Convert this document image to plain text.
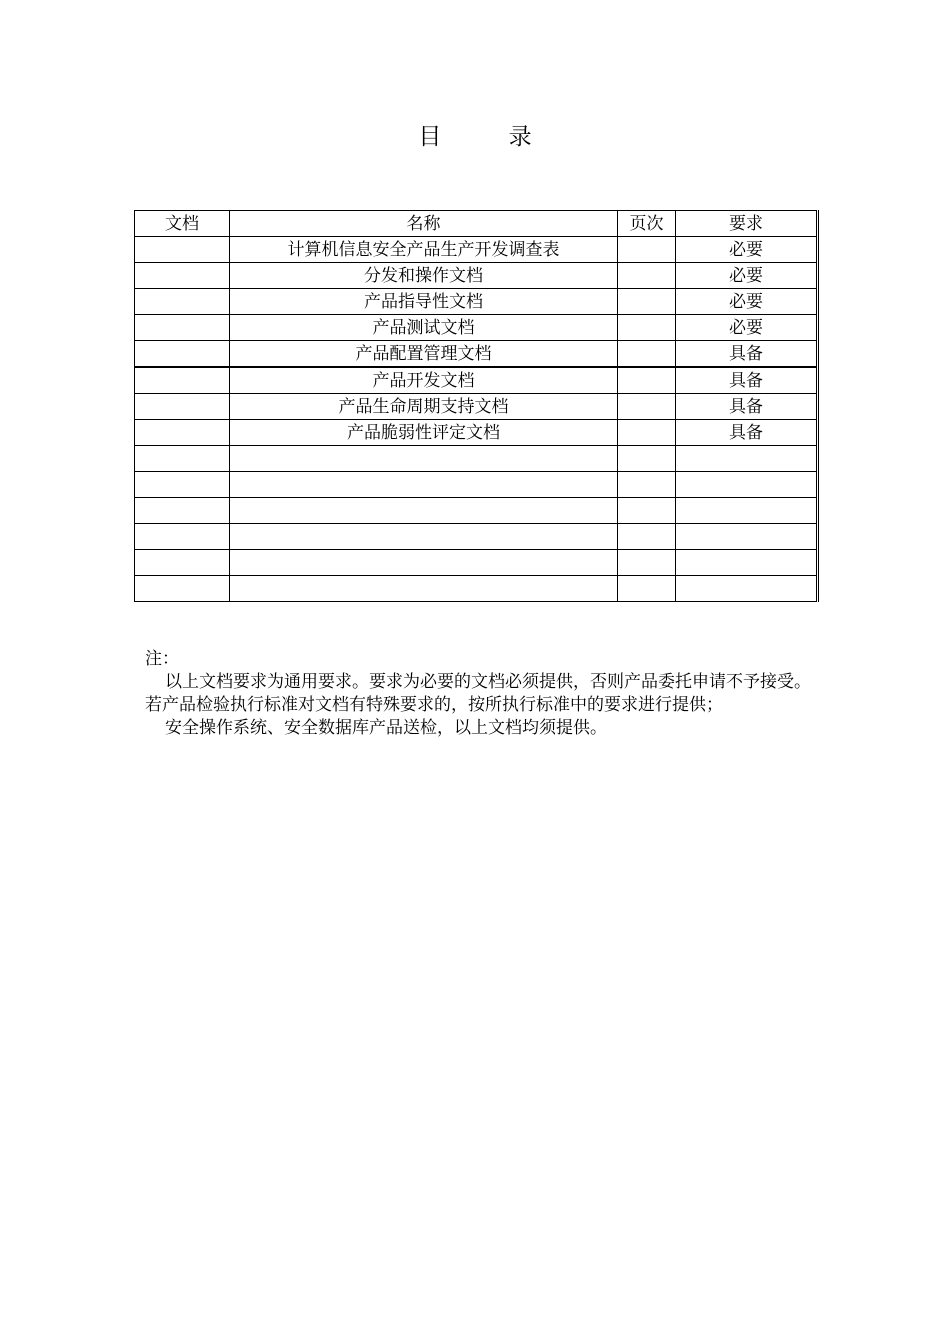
目 录
文档	名称	页次	要求
	计算机信息安全产品生产开发调查表		必要
	分发和操作文档		必要
	产品指导性文档		必要
	产品测试文档		必要
	产品配置管理文档		具备
	产品开发文档		具备
	产品生命周期支持文档		具备
	产品脆弱性评定文档		具备

注：

以上文档要求为通用要求。要求为必要的文档必须提供，否则产品委托申请不予接受。若产品检验执行标准对文档有特殊要求的，按所执行标准中的要求进行提供；

安全操作系统、安全数据库产品送检，以上文档均须提供。
